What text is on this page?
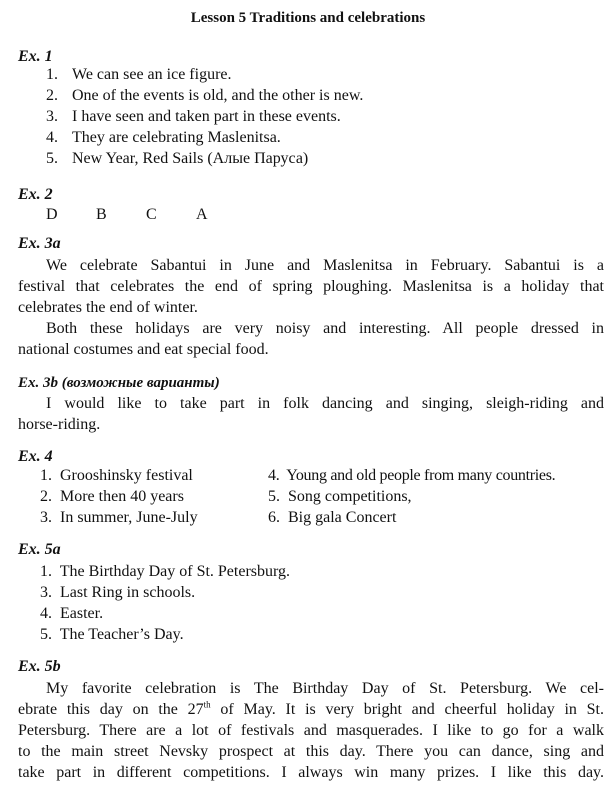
Lesson 5 Traditions and celebrations
Ex. 1
1. We can see an ice figure.
2. One of the events is old, and the other is new.
3. I have seen and taken part in these events.
4. They are celebrating Maslenitsa.
5. New Year, Red Sails (Алые Паруса)
Ex. 2
D B C A
Ex. 3a
We celebrate Sabantui in June and Maslenitsa in February. Sabantui is a
festival that celebrates the end of spring ploughing. Maslenitsa is a holiday that
celebrates the end of winter.
Both these holidays are very noisy and interesting. All people dressed in
national costumes and eat special food.
Ex. 3b (возможные варианты)
I would like to take part in folk dancing and singing, sleigh-riding and
horse-riding.
Ex. 4
1.  Grooshinsky festival
2.  More then 40 years
3.  In summer, June-July
4.  Young and old people from many countries.
5.  Song competitions,
6.  Big gala Concert
Ex. 5a
1.  The Birthday Day of St. Petersburg.
3.  Last Ring in schools.
4.  Easter.
5.  The Teacher’s Day.
Ex. 5b
My favorite celebration is The Birthday Day of St. Petersburg. We cel-
ebrate this day on the 27th of May. It is very bright and cheerful holiday in St.
Petersburg. There are a lot of festivals and masquerades. I like to go for a walk
to the main street Nevsky prospect at this day. There you can dance, sing and
take part in different competitions. I always win many prizes. I like this day.
